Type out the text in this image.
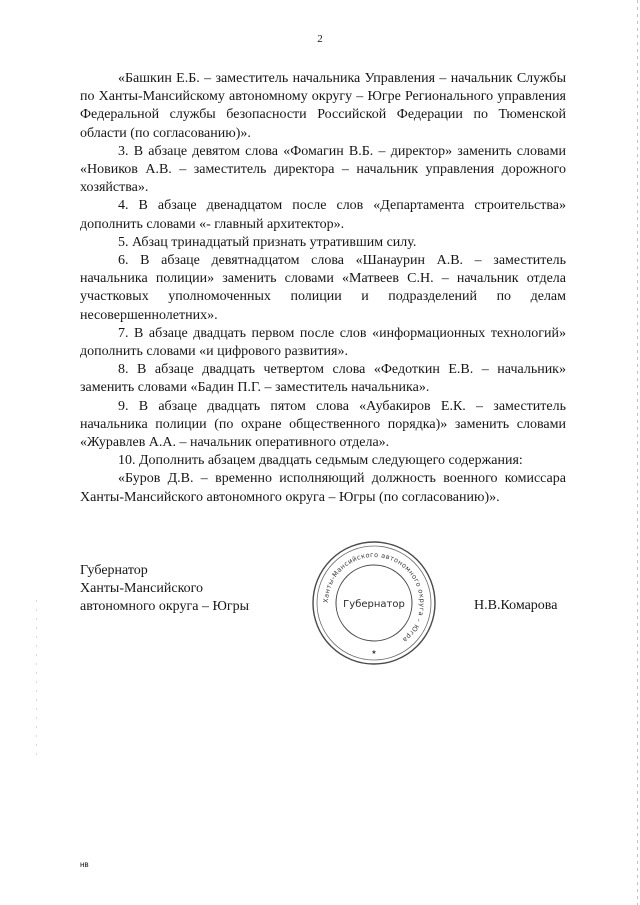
2

«Башкин Е.Б. – заместитель начальника Управления – начальник Службы по Ханты-Мансийскому автономному округу – Югре Регионального управления Федеральной службы безопасности Российской Федерации по Тюменской области (по согласованию)».

3. В абзаце девятом слова «Фомагин В.Б. – директор» заменить словами «Новиков А.В. – заместитель директора – начальник управления дорожного хозяйства».

4. В абзаце двенадцатом после слов «Департамента строительства» дополнить словами «- главный архитектор».

5. Абзац тринадцатый признать утратившим силу.

6. В абзаце девятнадцатом слова «Шанаурин А.В. – заместитель начальника полиции» заменить словами «Матвеев С.Н. – начальник отдела участковых уполномоченных полиции и подразделений по делам несовершеннолетних».

7. В абзаце двадцать первом после слов «информационных технологий» дополнить словами «и цифрового развития».

8. В абзаце двадцать четвертом слова «Федоткин Е.В. – начальник» заменить словами «Бадин П.Г. – заместитель начальника».

9. В абзаце двадцать пятом слова «Аубакиров Е.К. – заместитель начальника полиции (по охране общественного порядка)» заменить словами «Журавлев А.А. – начальник оперативного отдела».

10. Дополнить абзацем двадцать седьмым следующего содержания:

«Буров Д.В. – временно исполняющий должность военного комиссара Ханты-Мансийского автономного округа – Югры (по согласованию)».

Губернатор
Ханты-Мансийского
автономного округа – Югры	Ханты-Мансийского автономного округа – Югра
Губернатор
★
Н.В.Комарова
нв
